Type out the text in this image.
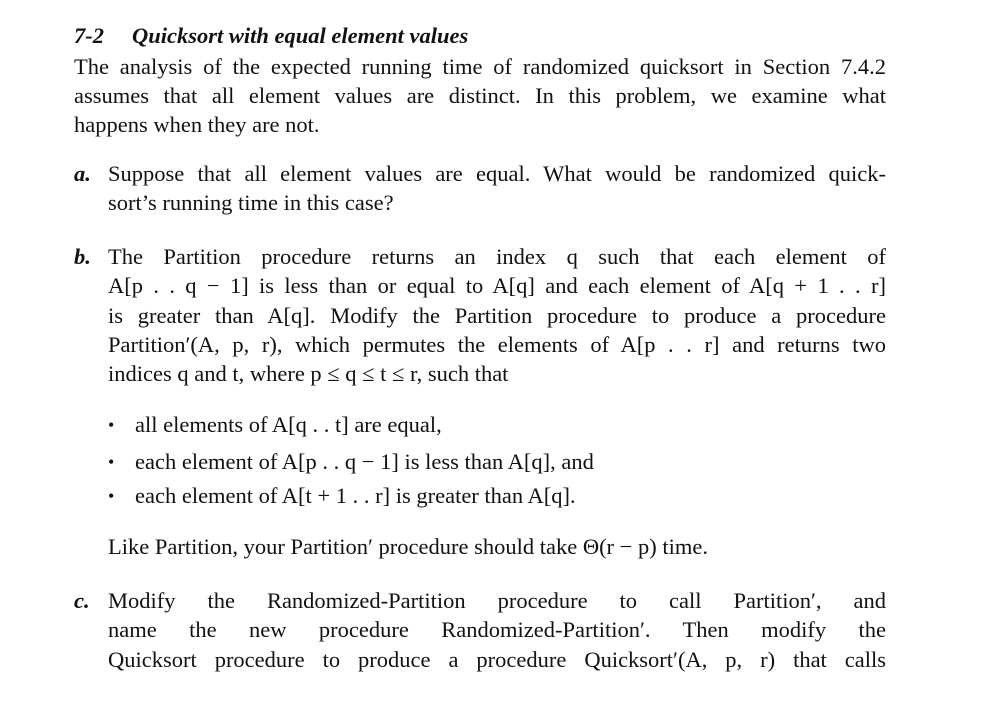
7-2 Quicksort with equal element values
The analysis of the expected running time of randomized quicksort in Section 7.4.2
assumes that all element values are distinct. In this problem, we examine what
happens when they are not.
a. Suppose that all element values are equal. What would be randomized quick-
sort’s running time in this case?
b. The Partition procedure returns an index q such that each element of
A[p . . q − 1] is less than or equal to A[q] and each element of A[q + 1 . . r]
is greater than A[q]. Modify the Partition procedure to produce a procedure
Partition′(A, p, r), which permutes the elements of A[p . . r] and returns two
indices q and t, where p ≤ q ≤ t ≤ r, such that
• all elements of A[q . . t] are equal,
• each element of A[p . . q − 1] is less than A[q], and
• each element of A[t + 1 . . r] is greater than A[q].
Like Partition, your Partition′ procedure should take Θ(r − p) time.
c. Modify the Randomized-Partition procedure to call Partition′, and
name the new procedure Randomized-Partition′. Then modify the
Quicksort procedure to produce a procedure Quicksort′(A, p, r) that calls
